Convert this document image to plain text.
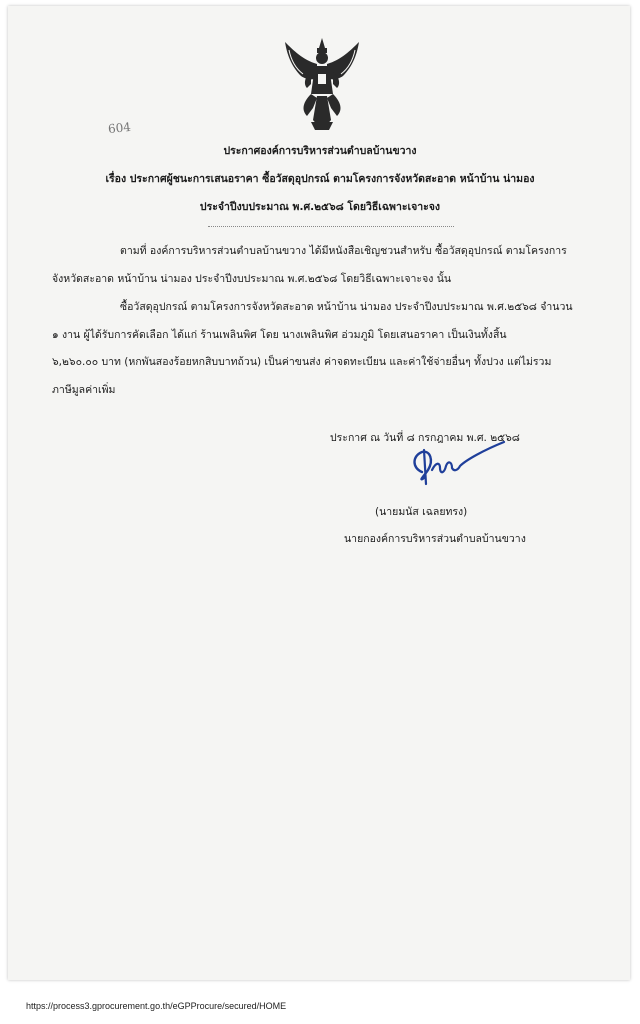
604
ประกาศองค์การบริหารส่วนตำบลบ้านขวาง
เรื่อง ประกาศผู้ชนะการเสนอราคา ซื้อวัสดุอุปกรณ์ ตามโครงการจังหวัดสะอาด หน้าบ้าน น่ามอง
ประจำปีงบประมาณ พ.ศ.๒๕๖๘ โดยวิธีเฉพาะเจาะจง
ตามที่ องค์การบริหารส่วนตำบลบ้านขวาง ได้มีหนังสือเชิญชวนสำหรับ ซื้อวัสดุอุปกรณ์ ตามโครงการ
จังหวัดสะอาด หน้าบ้าน น่ามอง ประจำปีงบประมาณ พ.ศ.๒๕๖๘ โดยวิธีเฉพาะเจาะจง นั้น
ซื้อวัสดุอุปกรณ์ ตามโครงการจังหวัดสะอาด หน้าบ้าน น่ามอง ประจำปีงบประมาณ พ.ศ.๒๕๖๘ จำนวน
๑ งาน ผู้ได้รับการคัดเลือก ได้แก่ ร้านเพลินพิศ โดย นางเพลินพิศ อ่วมภูมิ โดยเสนอราคา เป็นเงินทั้งสิ้น
๖,๒๖๐.๐๐ บาท (หกพันสองร้อยหกสิบบาทถ้วน) เป็นค่าขนส่ง ค่าจดทะเบียน และค่าใช้จ่ายอื่นๆ ทั้งปวง แต่ไม่รวม
ภาษีมูลค่าเพิ่ม
ประกาศ ณ วันที่ ๘ กรกฎาคม พ.ศ. ๒๕๖๘
(นายมนัส เฉลยทรง)
นายกองค์การบริหารส่วนตำบลบ้านขวาง
https://process3.gprocurement.go.th/eGPProcure/secured/HOME
